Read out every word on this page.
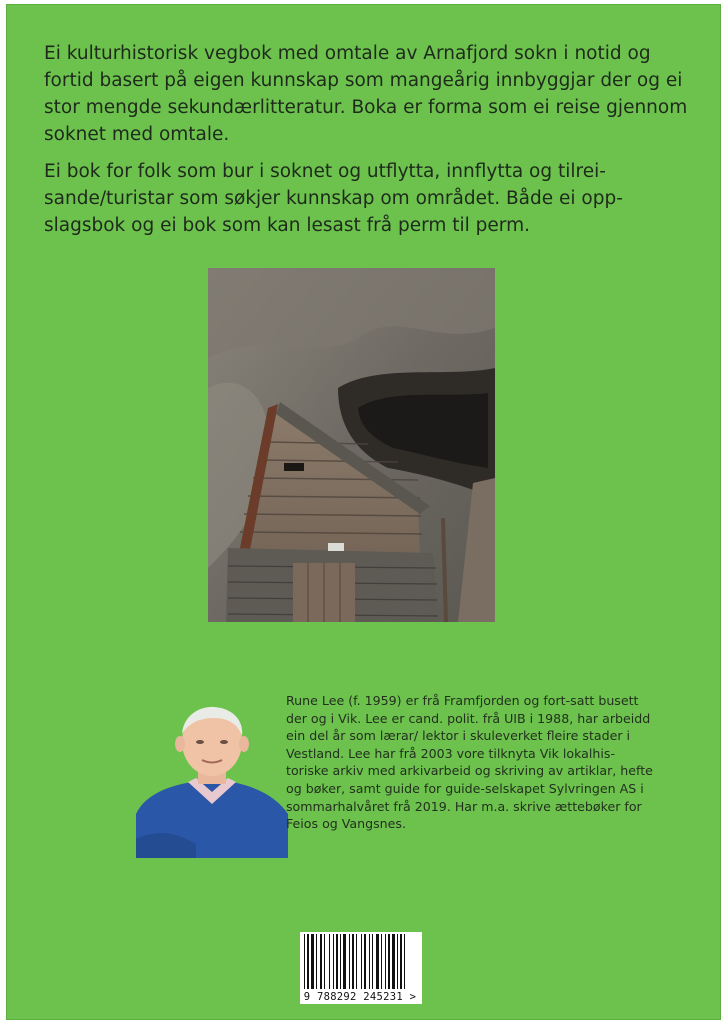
Ei kulturhistorisk vegbok med omtale av Arnafjord sokn i notid og fortid basert på eigen kunnskap som mangeårig innbyggjar der og ei stor mengde sekundærlitteratur. Boka er forma som ei reise gjennom soknet med omtale.

Ei bok for folk som bur i soknet og utflytta, innflytta og tilrei-sande/turistar som søkjer kunnskap om området. Både ei opp-slagsbok og ei bok som kan lesast frå perm til perm.

Rune Lee (f. 1959) er frå Framfjorden og fort-satt busett der og i Vik. Lee er cand. polit. frå UIB i 1988, har arbeidd ein del år som lærar/ lektor i skuleverket fleire stader i Vestland. Lee har frå 2003 vore tilknyta Vik lokalhis-toriske arkiv med arkivarbeid og skriving av artiklar, hefte og bøker, samt guide for guide-selskapet Sylvringen AS i sommarhalvåret frå 2019. Har m.a. skrive ættebøker for Feios og Vangsnes.
9 788292 245231 >
